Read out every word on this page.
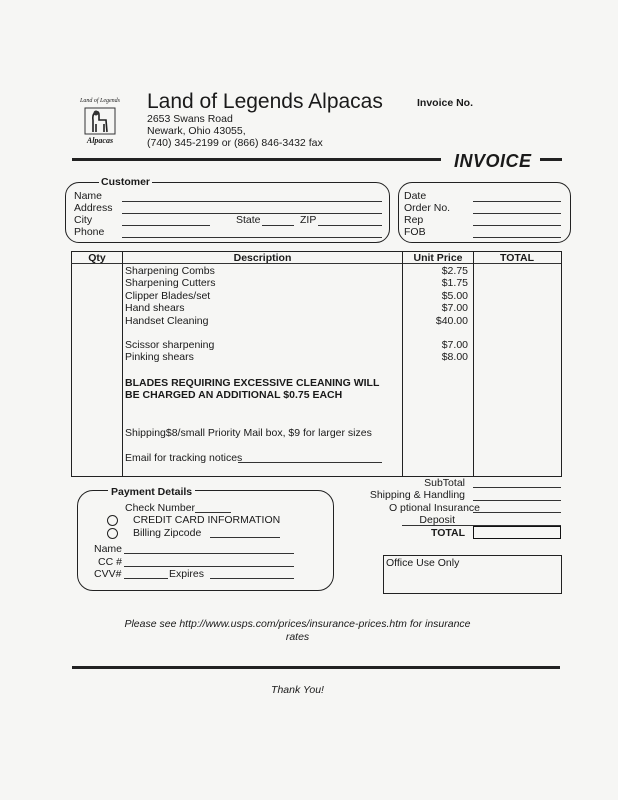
Land of Legends
Alpacas
Land of Legends Alpacas
2653 Swans Road
Newark, Ohio 43055,
(740) 345-2199 or (866) 846-3432 fax
Invoice No.
INVOICE
Customer
Name
Address
City	State	ZIP
Phone
Date
Order No.
Rep
FOB
Qty	Description	Unit Price	TOTAL
Sharpening Combs	$2.75
Sharpening Cutters	$1.75
Clipper Blades/set	$5.00
Hand shears	$7.00
Handset Cleaning	$40.00
Scissor sharpening	$7.00
Pinking shears	$8.00
BLADES REQUIRING EXCESSIVE CLEANING WILL
BE CHARGED AN ADDITIONAL $0.75 EACH
Shipping$8/small Priority Mail box, $9 for larger sizes
Email for tracking notices
SubTotal
Shipping & Handling
O ptional Insurance
Deposit
TOTAL
Payment Details
Check Number
CREDIT CARD INFORMATION
Billing Zipcode
Name
CC #
CVV#	Expires
Office Use Only
Please see http://www.usps.com/prices/insurance-prices.htm for insurance
rates
Thank You!
